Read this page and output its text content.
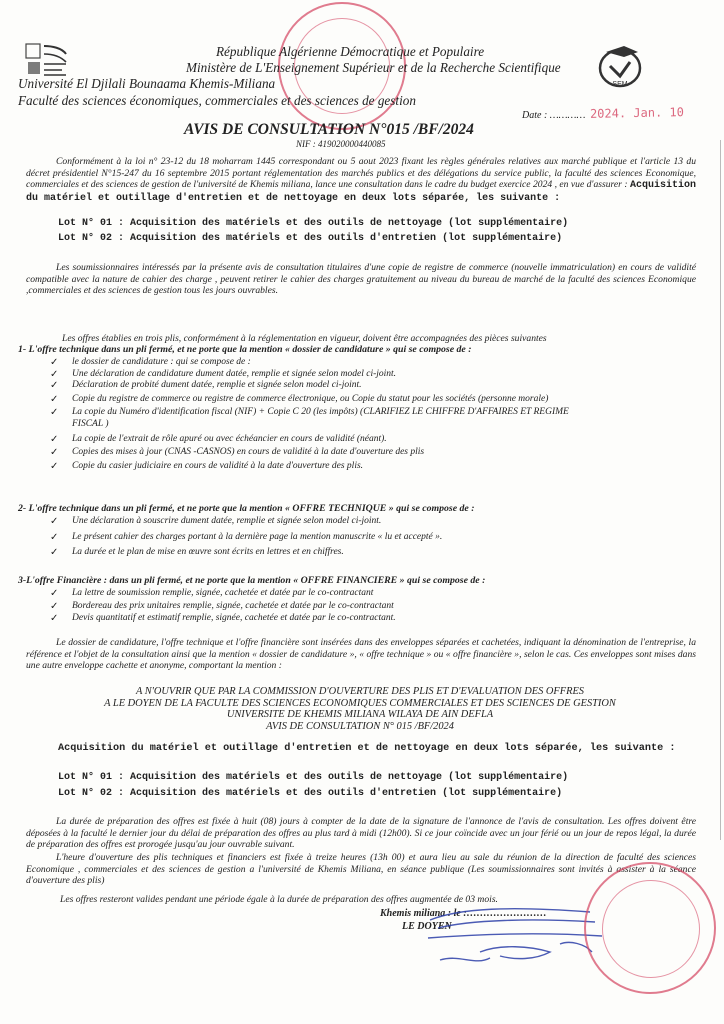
SEM
République Algérienne Démocratique et Populaire
Ministère de L'Enseignement Supérieur et de la Recherche Scientifique
Université El Djilali Bounaama Khemis-Miliana
Faculté des sciences économiques, commerciales et des sciences de gestion
Date : ………… 2024. Jan. 10
AVIS DE CONSULTATION N°015 /BF/2024
NIF : 419020000440085
Conformément à la loi n° 23-12 du 18 moharram 1445 correspondant ou 5 aout 2023 fixant les règles générales relatives aux marché publique et l'article 13 du décret présidentiel N°15-247 du 16 septembre 2015 portant réglementation des marchés publics et des délégations du service public, la faculté des sciences Economique, commerciales et des sciences de gestion de l'université de Khemis miliana, lance une consultation dans le cadre du budget exercice 2024 , en vue d'assurer : Acquisition du matériel et outillage d'entretien et de nettoyage en deux lots séparée, les suivante :
Lot N° 01 : Acquisition des matériels et des outils de nettoyage (lot supplémentaire)
Lot N° 02 : Acquisition des matériels et des outils d'entretien (lot supplémentaire)
Les soumissionnaires intéressés par la présente avis de consultation titulaires d'une copie de registre de commerce (nouvelle immatriculation) en cours de validité compatible avec la nature de cahier des charge , peuvent retirer le cahier des charges gratuitement au niveau du bureau de marché de la faculté des sciences Economique ,commerciales et des sciences de gestion tous les jours ouvrables.
Les offres établies en trois plis, conformément à la réglementation en vigueur, doivent être accompagnées des pièces suivantes
1- L'offre technique dans un pli fermé, et ne porte que la mention « dossier de candidature » qui se compose de :
✓ le dossier de candidature : qui se compose de :
✓ Une déclaration de candidature dument datée, remplie et signée selon model ci-joint.
✓ Déclaration de probité dument datée, remplie et signée selon model ci-joint.
✓ Copie du registre de commerce ou registre de commerce électronique, ou Copie du statut pour les sociétés (personne morale)
✓ La copie du Numéro d'identification fiscal (NIF) + Copie C 20 (les impôts) (CLARIFIEZ LE CHIFFRE D'AFFAIRES ET REGIME
FISCAL )
✓ La copie de l'extrait de rôle apuré ou avec échéancier en cours de validité (néant).
✓ Copies des mises à jour (CNAS -CASNOS) en cours de validité à la date d'ouverture des plis
✓ Copie du casier judiciaire en cours de validité à la date d'ouverture des plis.
2- L'offre technique dans un pli fermé, et ne porte que la mention « OFFRE TECHNIQUE » qui se compose de :
✓ Une déclaration à souscrire dument datée, remplie et signée selon model ci-joint.
✓ Le présent cahier des charges portant à la dernière page la mention manuscrite « lu et accepté ».
✓ La durée et le plan de mise en œuvre sont écrits en lettres et en chiffres.
3-L'offre Financière : dans un pli fermé, et ne porte que la mention « OFFRE FINANCIERE » qui se compose de :
✓ La lettre de soumission remplie, signée, cachetée et datée par le co-contractant
✓ Bordereau des prix unitaires remplie, signée, cachetée et datée par le co-contractant
✓ Devis quantitatif et estimatif remplie, signée, cachetée et datée par le co-contractant.
Le dossier de candidature, l'offre technique et l'offre financière sont insérées dans des enveloppes séparées et cachetées, indiquant la dénomination de l'entreprise, la référence et l'objet de la consultation ainsi que la mention « dossier de candidature », « offre technique » ou « offre financière », selon le cas. Ces enveloppes sont mises dans une autre enveloppe cachette et anonyme, comportant la mention :
A N'OUVRIR QUE PAR LA COMMISSION D'OUVERTURE DES PLIS ET D'EVALUATION DES OFFRES
A LE DOYEN DE LA FACULTE DES SCIENCES ECONOMIQUES COMMERCIALES ET DES SCIENCES DE GESTION
UNIVERSITE DE KHEMIS MILIANA WILAYA DE AIN DEFLA
AVIS DE CONSULTATION N° 015 /BF/2024
Acquisition du matériel et outillage d'entretien et de nettoyage en deux lots séparée, les suivante :
Lot N° 01 : Acquisition des matériels et des outils de nettoyage (lot supplémentaire)
Lot N° 02 : Acquisition des matériels et des outils d'entretien (lot supplémentaire)
La durée de préparation des offres est fixée à huit (08) jours à compter de la date de la signature de l'annonce de l'avis de consultation. Les offres doivent être déposées à la faculté le dernier jour du délai de préparation des offres au plus tard à midi (12h00). Si ce jour coïncide avec un jour férié ou un jour de repos légal, la durée de préparation des offres est prorogée jusqu'au jour ouvrable suivant.
L'heure d'ouverture des plis techniques et financiers est fixée à treize heures (13h 00) et aura lieu au sale du réunion de la direction de faculté des sciences Economique , commerciales et des sciences de gestion a l'université de Khemis Miliana, en séance publique (Les soumissionnaires sont invités à assister à la séance d'ouverture des plis)
Les offres resteront valides pendant une période égale à la durée de préparation des offres augmentée de 03 mois.
Khemis miliana : le :……………………
LE DOYEN
